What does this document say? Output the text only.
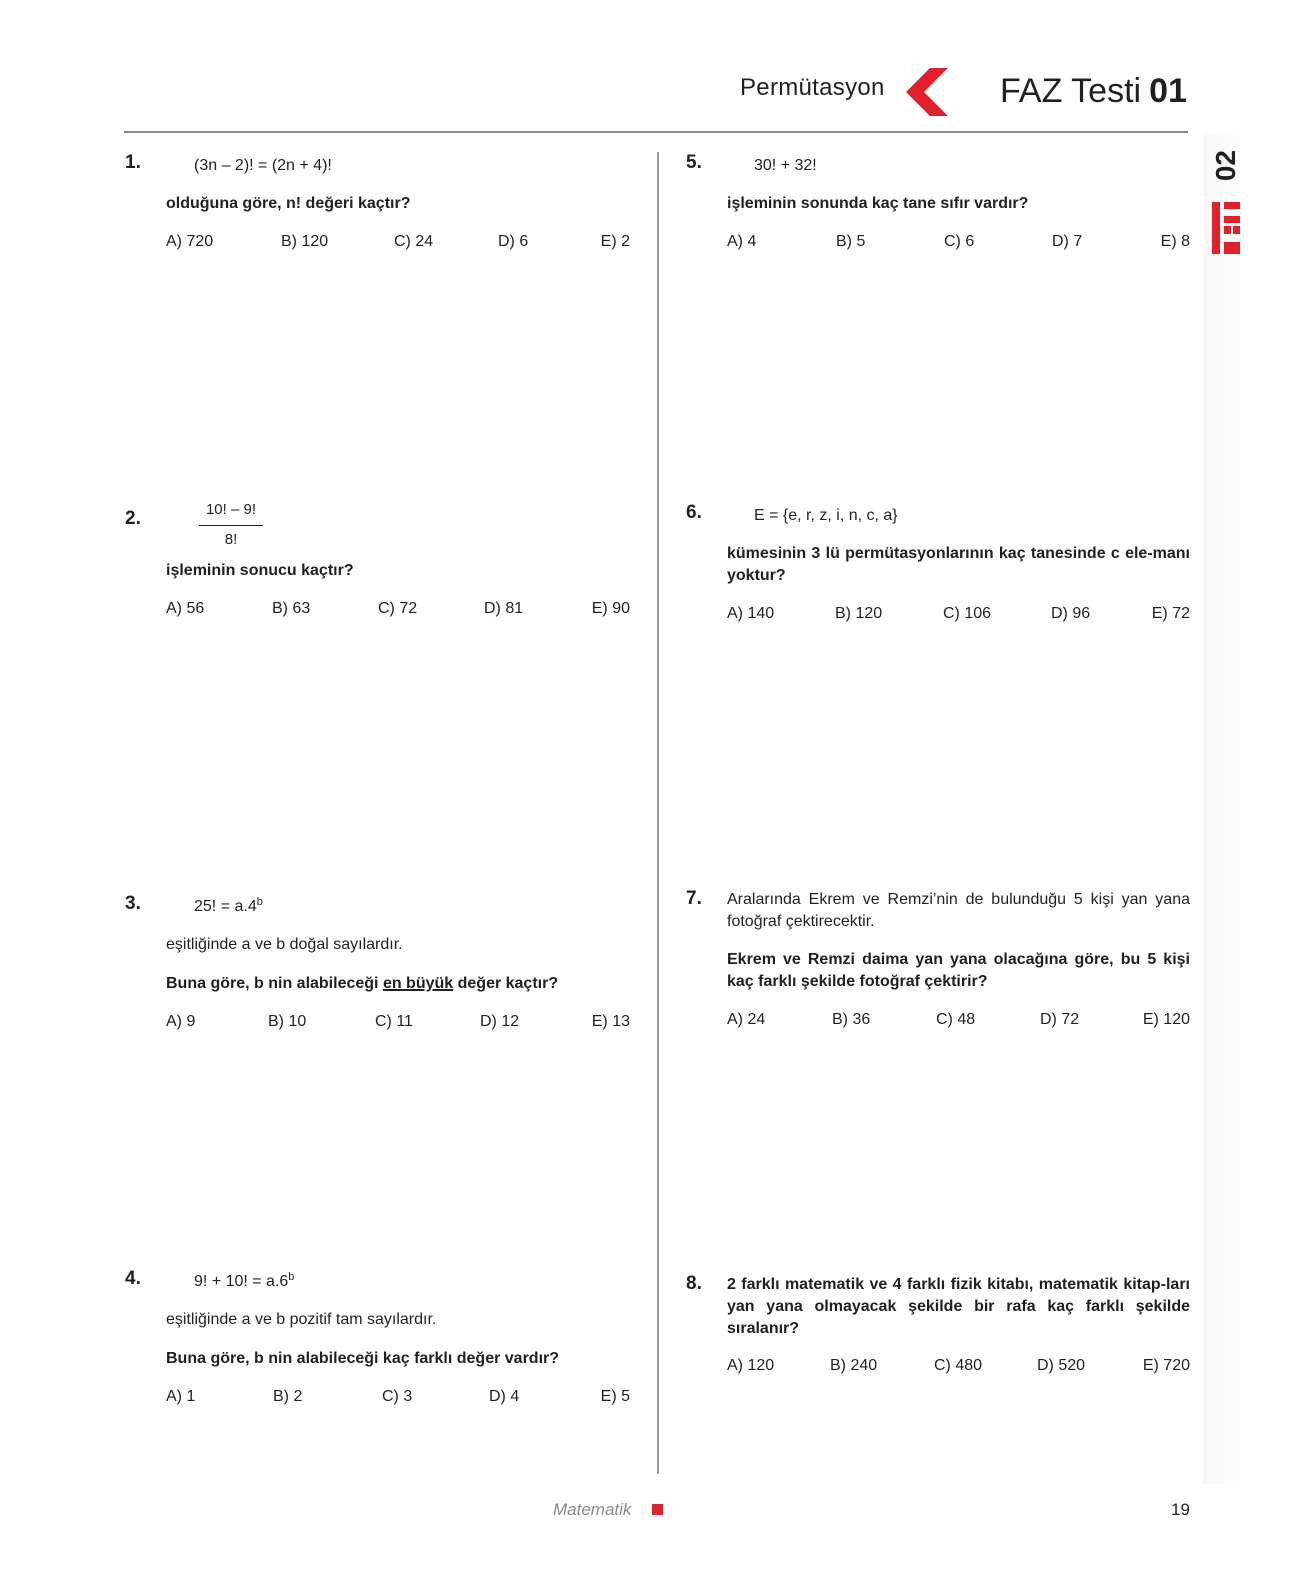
Permütasyon	FAZ Testi 01
02
1.	(3n – 2)! = (2n + 4)!
olduğuna göre, n! değeri kaçtır?
A) 720	B) 120	C) 24	D) 6	E) 2
2.	$\frac{10! - 9!}{8!}$
işleminin sonucu kaçtır?
A) 56	B) 63	C) 72	D) 81	E) 90
3.	25! = a.4$^b$
eşitliğinde a ve b doğal sayılardır.
Buna göre, b nin alabileceği en büyük değer kaçtır?
A) 9	B) 10	C) 11	D) 12	E) 13
4.	9! + 10! = a.6$^b$
eşitliğinde a ve b pozitif tam sayılardır.
Buna göre, b nin alabileceği kaç farklı değer vardır?
A) 1	B) 2	C) 3	D) 4	E) 5
5.	30! + 32!
işleminin sonunda kaç tane sıfır vardır?
A) 4	B) 5	C) 6	D) 7	E) 8
6.	E = {e, r, z, i, n, c, a}
kümesinin 3 lü permütasyonlarının kaç tanesinde c ele-manı yoktur?
A) 140	B) 120	C) 106	D) 96	E) 72
7. Aralarında Ekrem ve Remzi’nin de bulunduğu 5 kişi yan yana fotoğraf çektirecektir.
Ekrem ve Remzi daima yan yana olacağına göre, bu 5 kişi kaç farklı şekilde fotoğraf çektirir?
A) 24	B) 36	C) 48	D) 72	E) 120
8. 2 farklı matematik ve 4 farklı fizik kitabı, matematik kitap-ları yan yana olmayacak şekilde bir rafa kaç farklı şekilde sıralanır?
A) 120	B) 240	C) 480	D) 520	E) 720
Matematik	19
